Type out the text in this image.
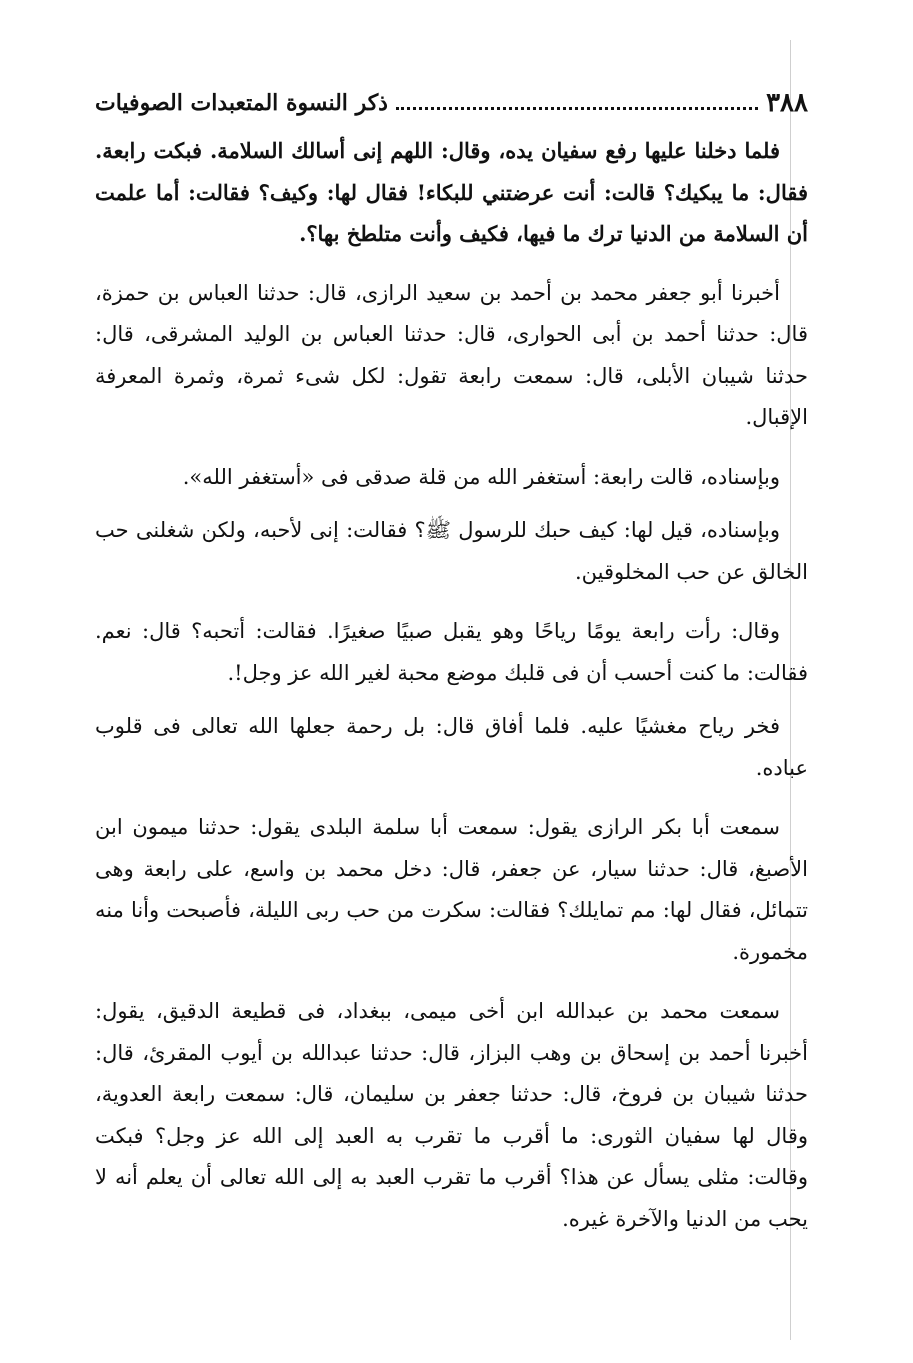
٣٨٨
ذكر النسوة المتعبدات الصوفيات

فلما دخلنا عليها رفع سفيان يده، وقال: اللهم إنى أسالك السلامة. فبكت رابعة. فقال: ما يبكيك؟ قالت: أنت عرضتني للبكاء! فقال لها: وكيف؟ فقالت: أما علمت أن السلامة من الدنيا ترك ما فيها، فكيف وأنت متلطخ بها؟.

أخبرنا أبو جعفر محمد بن أحمد بن سعيد الرازى، قال: حدثنا العباس بن حمزة، قال: حدثنا أحمد بن أبى الحوارى، قال: حدثنا العباس بن الوليد المشرقى، قال: حدثنا شيبان الأبلى، قال: سمعت رابعة تقول: لكل شىء ثمرة، وثمرة المعرفة الإقبال.

وبإسناده، قالت رابعة: أستغفر الله من قلة صدقى فى «أستغفر الله».

وبإسناده، قيل لها: كيف حبك للرسول ﷺ؟ فقالت: إنى لأحبه، ولكن شغلنى حب الخالق عن حب المخلوقين.

وقال: رأت رابعة يومًا رياحًا وهو يقبل صبيًا صغيرًا. فقالت: أتحبه؟ قال: نعم. فقالت: ما كنت أحسب أن فى قلبك موضع محبة لغير الله عز وجل!.

فخر رياح مغشيًا عليه. فلما أفاق قال: بل رحمة جعلها الله تعالى فى قلوب عباده.

سمعت أبا بكر الرازى يقول: سمعت أبا سلمة البلدى يقول: حدثنا ميمون ابن الأصبغ، قال: حدثنا سيار، عن جعفر، قال: دخل محمد بن واسع، على رابعة وهى تتمائل، فقال لها: مم تمايلك؟ فقالت: سكرت من حب ربى الليلة، فأصبحت وأنا منه مخمورة.

سمعت محمد بن عبدالله ابن أخى ميمى، ببغداد، فى قطيعة الدقيق، يقول: أخبرنا أحمد بن إسحاق بن وهب البزاز، قال: حدثنا عبدالله بن أيوب المقرئ، قال: حدثنا شيبان بن فروخ، قال: حدثنا جعفر بن سليمان، قال: سمعت رابعة العدوية، وقال لها سفيان الثورى: ما أقرب ما تقرب به العبد إلى الله عز وجل؟ فبكت وقالت: مثلى يسأل عن هذا؟ أقرب ما تقرب العبد به إلى الله تعالى أن يعلم أنه لا يحب من الدنيا والآخرة غيره.
